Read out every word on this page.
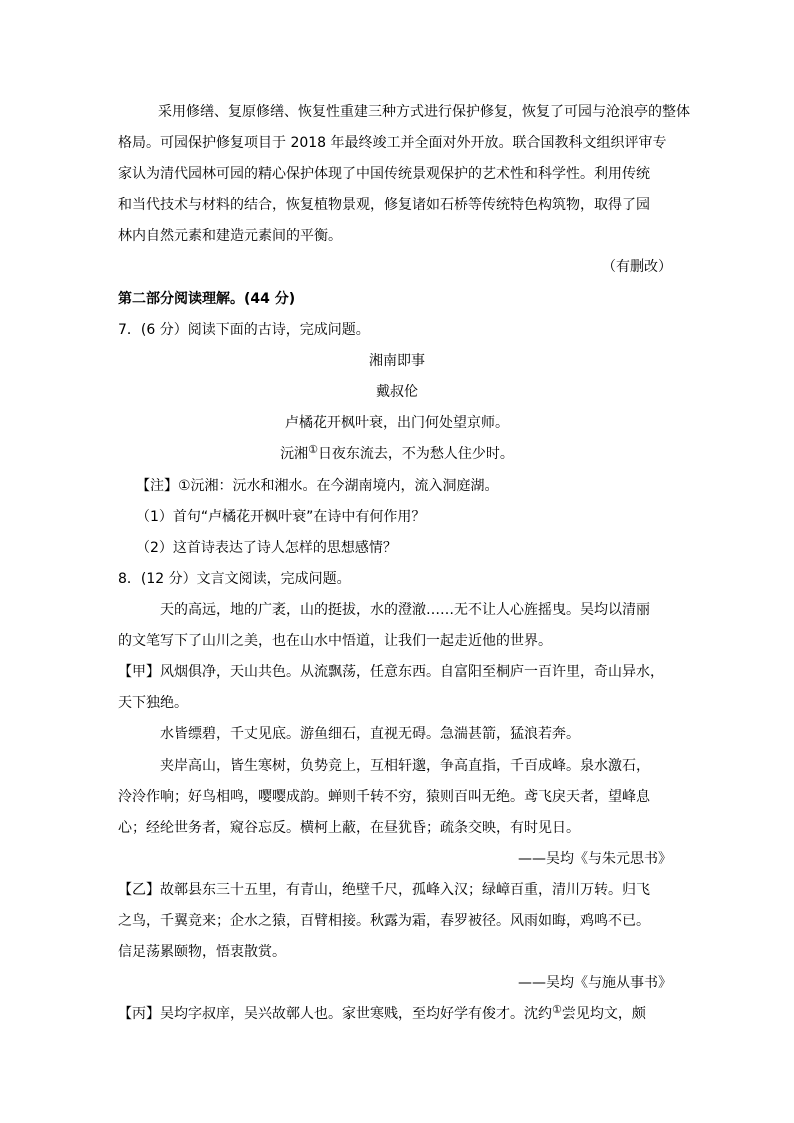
采用修缮、复原修缮、恢复性重建三种方式进行保护修复，恢复了可园与沧浪亭的整体
格局。可园保护修复项目于 2018 年最终竣工并全面对外开放。联合国教科文组织评审专
家认为清代园林可园的精心保护体现了中国传统景观保护的艺术性和科学性。利用传统
和当代技术与材料的结合，恢复植物景观，修复诸如石桥等传统特色构筑物，取得了园
林内自然元素和建造元素间的平衡。
（有删改）
第二部分阅读理解。(44 分)
7．(6 分）阅读下面的古诗，完成问题。
湘南即事
戴叔伦
卢橘花开枫叶衰，出门何处望京师。
沅湘①日夜东流去，不为愁人住少时。
【注】①沅湘：沅水和湘水。在今湖南境内，流入洞庭湖。
（1）首句“卢橘花开枫叶衰”在诗中有何作用？
（2）这首诗表达了诗人怎样的思想感情？
8．(12 分）文言文阅读，完成问题。
天的高远，地的广袤，山的挺拔，水的澄澈……无不让人心旌摇曳。吴均以清丽
的文笔写下了山川之美，也在山水中悟道，让我们一起走近他的世界。
【甲】风烟俱净，天山共色。从流飘荡，任意东西。自富阳至桐庐一百许里，奇山异水，
天下独绝。
水皆缥碧，千丈见底。游鱼细石，直视无碍。急湍甚箭，猛浪若奔。
夹岸高山，皆生寒树，负势竞上，互相轩邈，争高直指，千百成峰。泉水激石，
泠泠作响；好鸟相鸣，嘤嘤成韵。蝉则千转不穷，猿则百叫无绝。鸢飞戾天者，望峰息
心；经纶世务者，窥谷忘反。横柯上蔽，在昼犹昏；疏条交映，有时见日。
——吴均《与朱元思书》
【乙】故鄣县东三十五里，有青山，绝壁千尺，孤峰入汉；绿嶂百重，清川万转。归飞
之鸟，千翼竞来；企水之猿，百臂相接。秋露为霜，春罗被径。风雨如晦，鸡鸣不已。
信足荡累颐物，悟衷散赏。
——吴均《与施从事书》
【丙】吴均字叔庠，吴兴故鄣人也。家世寒贱，至均好学有俊才。沈约①尝见均文，颇
